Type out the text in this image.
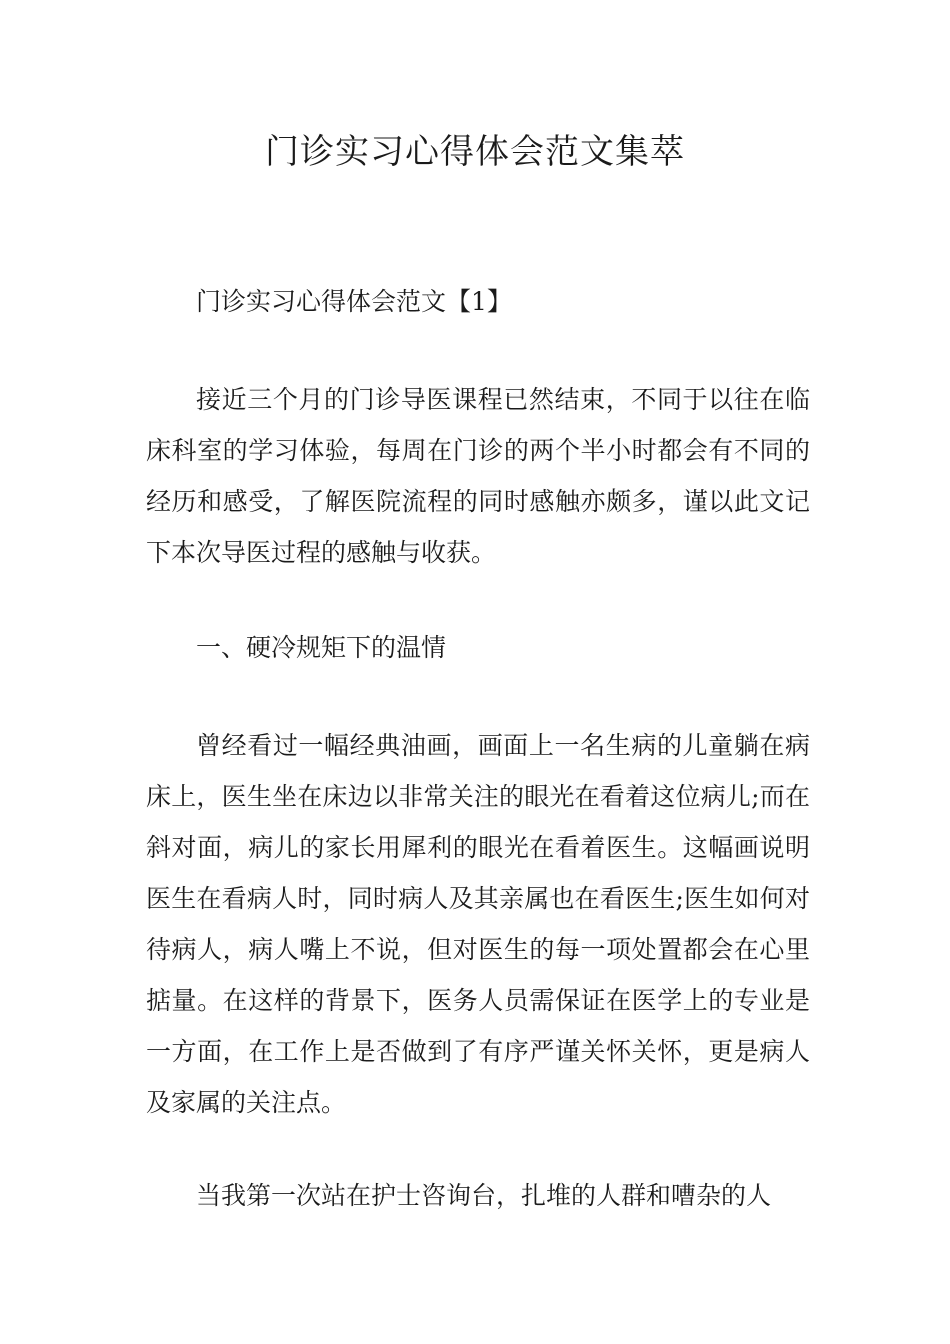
门诊实习心得体会范文集萃

门诊实习心得体会范文【1】

接近三个月的门诊导医课程已然结束，不同于以往在临床科室的学习体验，每周在门诊的两个半小时都会有不同的经历和感受，了解医院流程的同时感触亦颇多，谨以此文记下本次导医过程的感触与收获。

一、硬冷规矩下的温情

曾经看过一幅经典油画，画面上一名生病的儿童躺在病床上，医生坐在床边以非常关注的眼光在看着这位病儿;而在斜对面，病儿的家长用犀利的眼光在看着医生。这幅画说明医生在看病人时，同时病人及其亲属也在看医生;医生如何对待病人，病人嘴上不说，但对医生的每一项处置都会在心里掂量。在这样的背景下，医务人员需保证在医学上的专业是一方面，在工作上是否做到了有序严谨关怀关怀，更是病人及家属的关注点。

当我第一次站在护士咨询台，扎堆的人群和嘈杂的人
